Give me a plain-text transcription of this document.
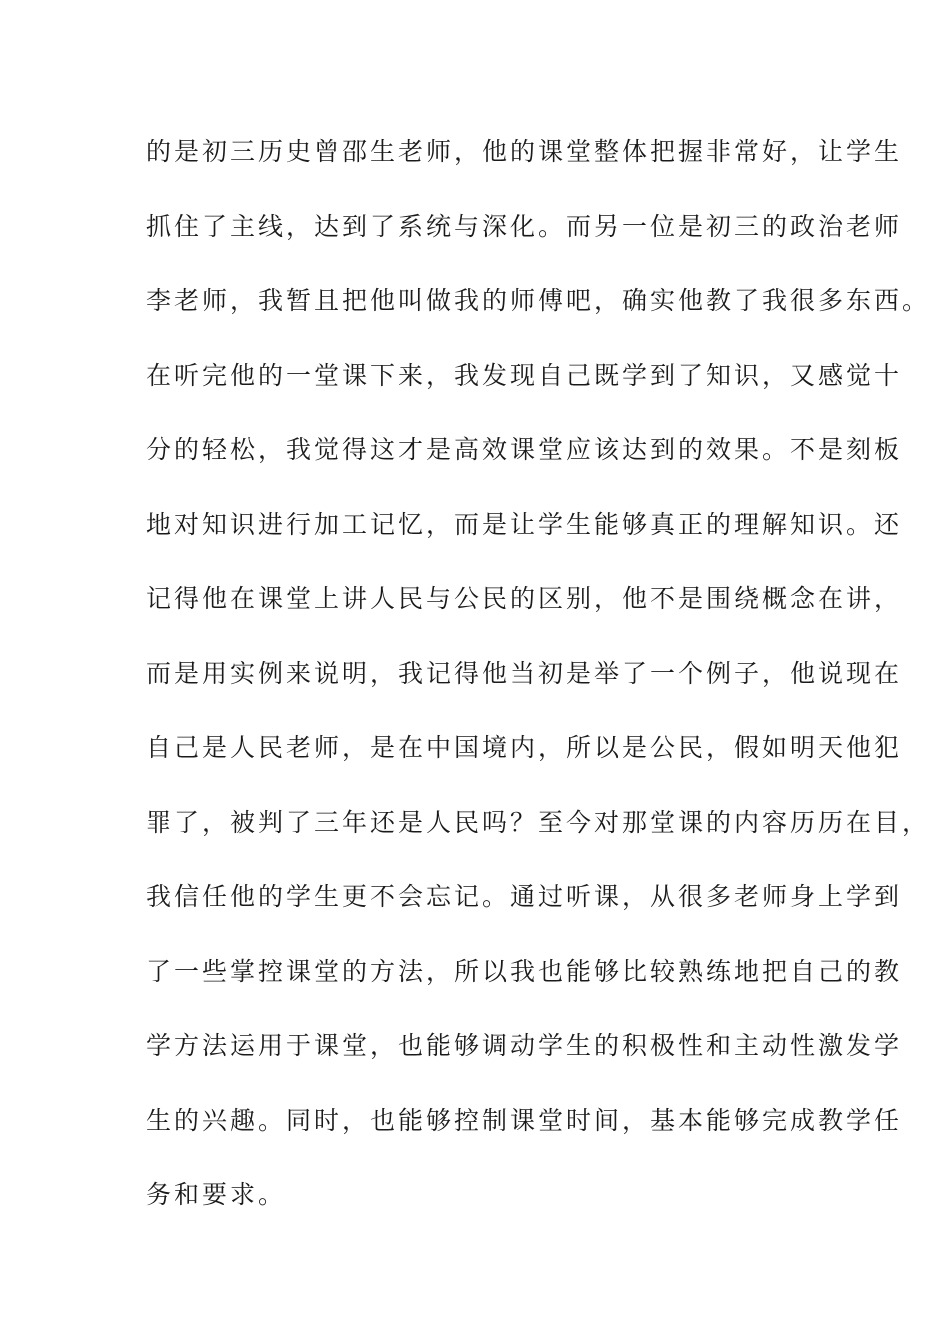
的是初三历史曾邵生老师，他的课堂整体把握非常好，让学生
抓住了主线，达到了系统与深化。而另一位是初三的政治老师
李老师，我暂且把他叫做我的师傅吧，确实他教了我很多东西。
在听完他的一堂课下来，我发现自己既学到了知识，又感觉十
分的轻松，我觉得这才是高效课堂应该达到的效果。不是刻板
地对知识进行加工记忆，而是让学生能够真正的理解知识。还
记得他在课堂上讲人民与公民的区别，他不是围绕概念在讲，
而是用实例来说明，我记得他当初是举了一个例子，他说现在
自己是人民老师，是在中国境内，所以是公民，假如明天他犯
罪了，被判了三年还是人民吗？至今对那堂课的内容历历在目，
我信任他的学生更不会忘记。通过听课，从很多老师身上学到
了一些掌控课堂的方法，所以我也能够比较熟练地把自己的教
学方法运用于课堂，也能够调动学生的积极性和主动性激发学
生的兴趣。同时，也能够控制课堂时间，基本能够完成教学任
务和要求。
